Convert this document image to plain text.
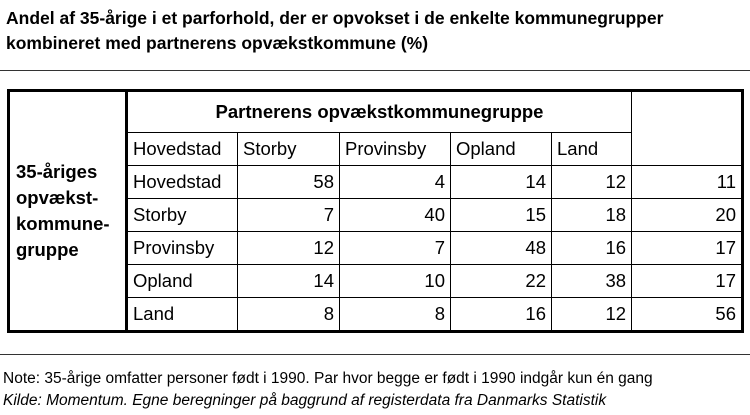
Andel af 35-årige i et parforhold, der er opvokset i de enkelte kommunegrupper
kombineret med partnerens opvækstkommune (%)
35-åriges
opvækst-
kommune-
gruppe	Partnerens opvækstkommunegruppe					
	Hovedstad	Storby	Provinsby	Opland	Land	
	Hovedstad	58	4	14	12	11
	Storby	7	40	15	18	20
	Provinsby	12	7	48	16	17
	Opland	14	10	22	38	17
	Land	8	8	16	12	56
Note: 35-årige omfatter personer født i 1990. Par hvor begge er født i 1990 indgår kun én gang
Kilde: Momentum. Egne beregninger på baggrund af registerdata fra Danmarks Statistik
